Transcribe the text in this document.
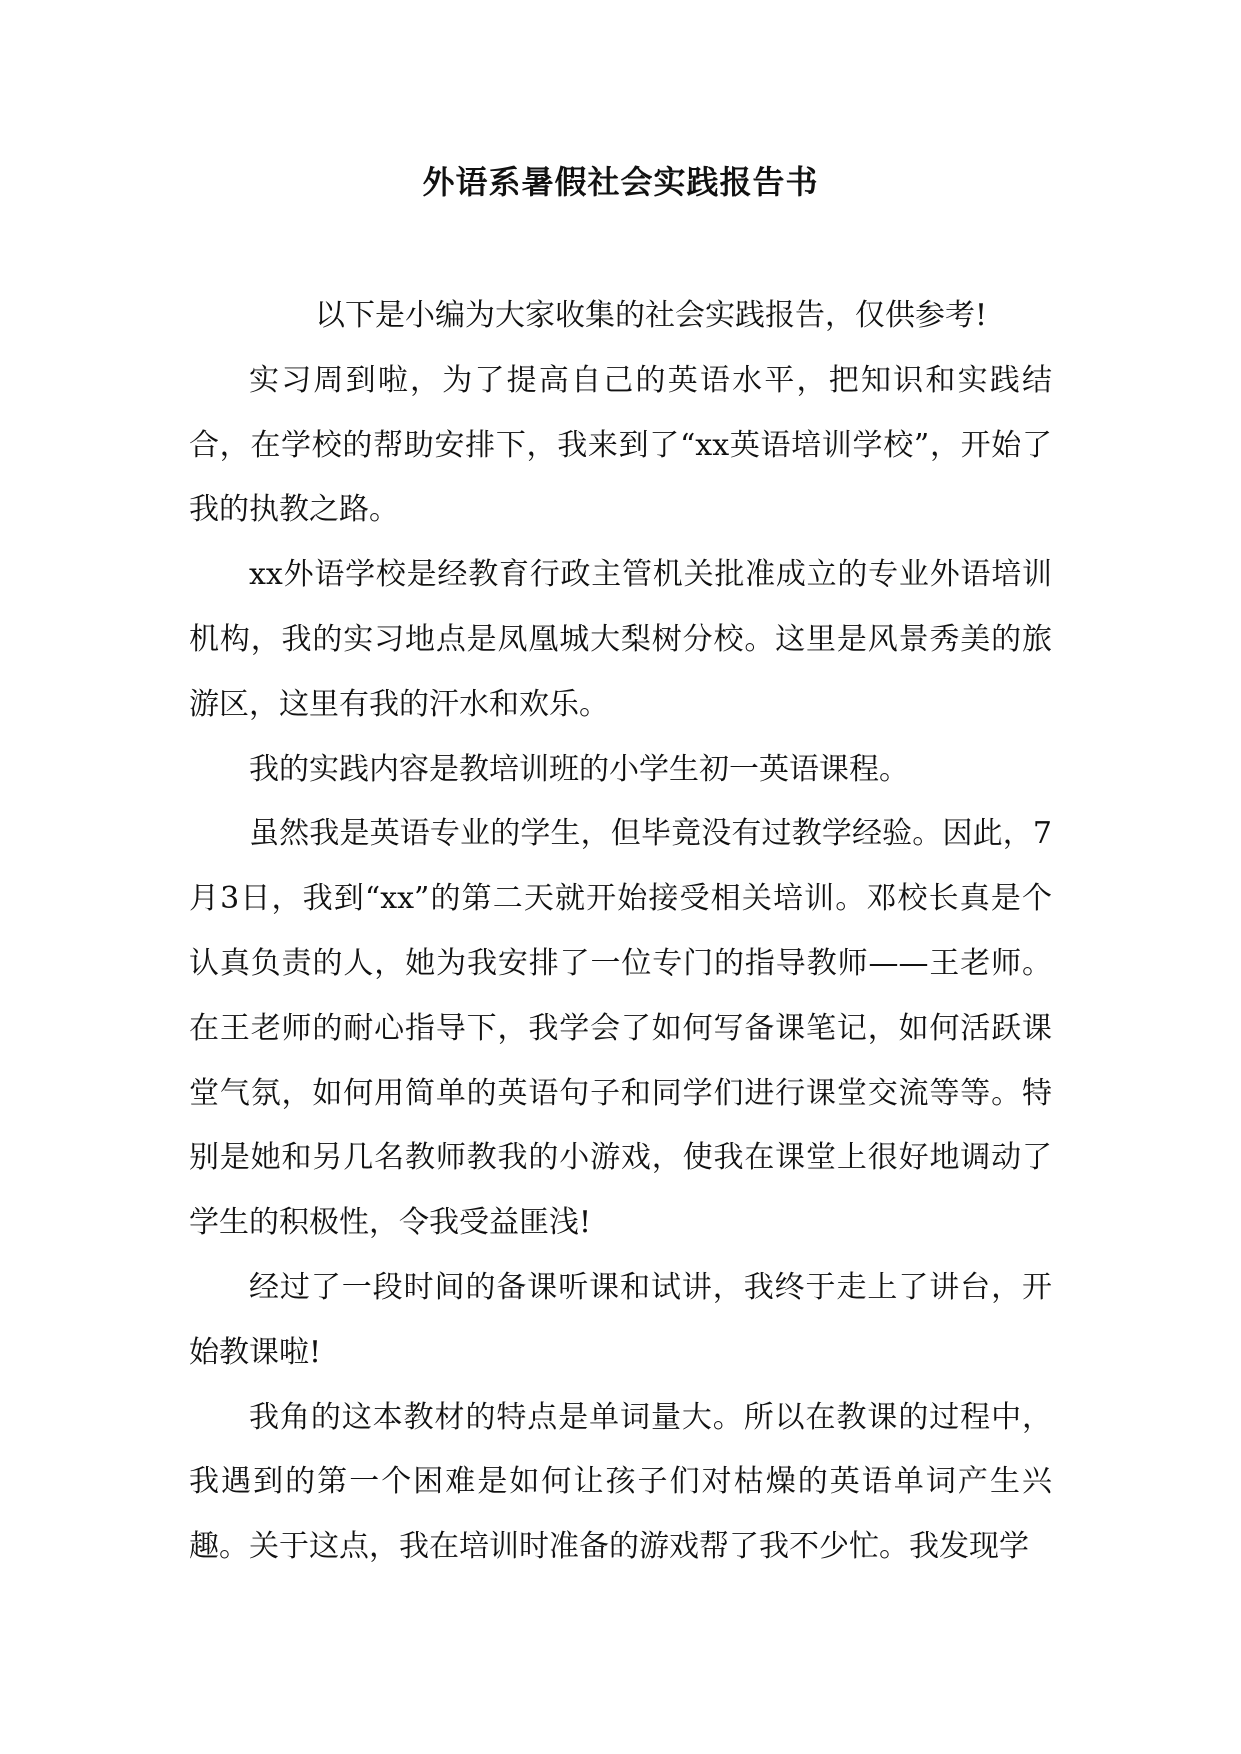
外语系暑假社会实践报告书

以下是小编为大家收集的社会实践报告，仅供参考!

实习周到啦，为了提高自己的英语水平，把知识和实践结合，在学校的帮助安排下，我来到了“xx英语培训学校”，开始了我的执教之路。

xx外语学校是经教育行政主管机关批准成立的专业外语培训机构，我的实习地点是凤凰城大梨树分校。这里是风景秀美的旅游区，这里有我的汗水和欢乐。

我的实践内容是教培训班的小学生初一英语课程。

虽然我是英语专业的学生，但毕竟没有过教学经验。因此，7月3日，我到“xx”的第二天就开始接受相关培训。邓校长真是个认真负责的人，她为我安排了一位专门的指导教师——王老师。在王老师的耐心指导下，我学会了如何写备课笔记，如何活跃课堂气氛，如何用简单的英语句子和同学们进行课堂交流等等。特别是她和另几名教师教我的小游戏，使我在课堂上很好地调动了学生的积极性，令我受益匪浅!

经过了一段时间的备课听课和试讲，我终于走上了讲台，开始教课啦!

我角的这本教材的特点是单词量大。所以在教课的过程中，我遇到的第一个困难是如何让孩子们对枯燥的英语单词产生兴趣。关于这点，我在培训时准备的游戏帮了我不少忙。我发现学
